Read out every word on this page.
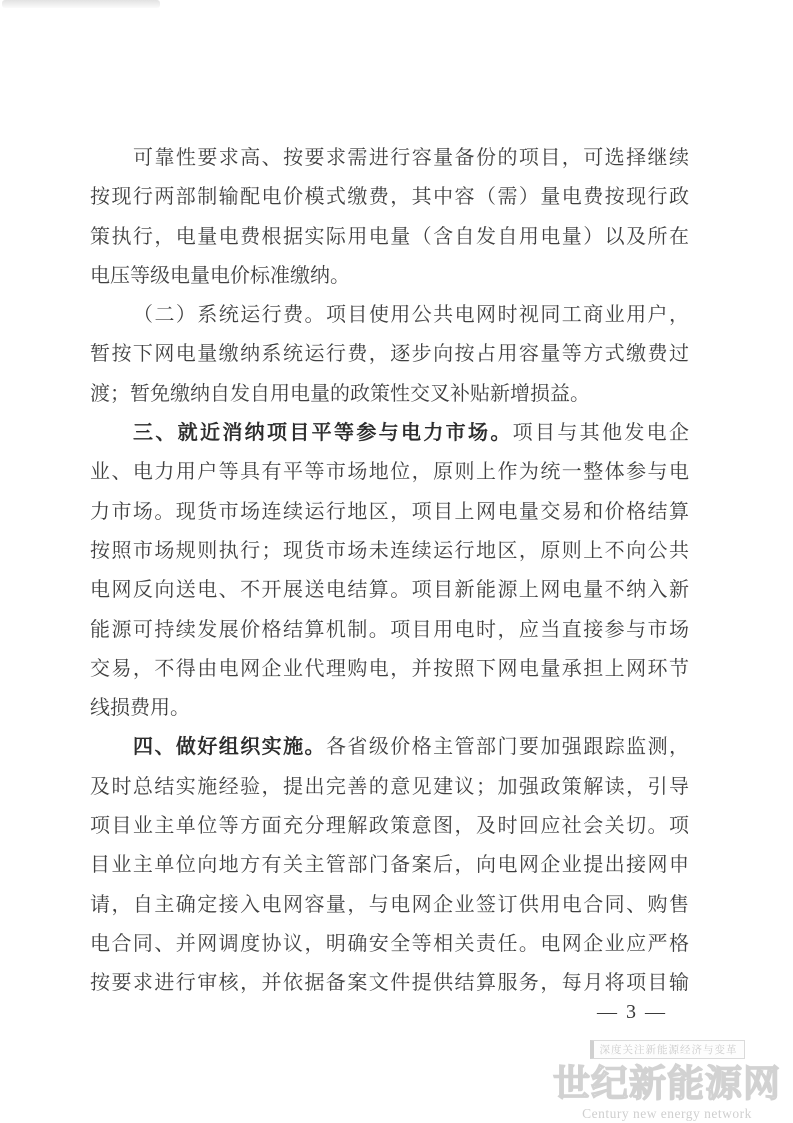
可靠性要求高、按要求需进行容量备份的项目，可选择继续
按现行两部制输配电价模式缴费，其中容（需）量电费按现行政
策执行，电量电费根据实际用电量（含自发自用电量）以及所在
电压等级电量电价标准缴纳。
（二）系统运行费。项目使用公共电网时视同工商业用户，
暂按下网电量缴纳系统运行费，逐步向按占用容量等方式缴费过
渡；暂免缴纳自发自用电量的政策性交叉补贴新增损益。
三、就近消纳项目平等参与电力市场。项目与其他发电企
业、电力用户等具有平等市场地位，原则上作为统一整体参与电
力市场。现货市场连续运行地区，项目上网电量交易和价格结算
按照市场规则执行；现货市场未连续运行地区，原则上不向公共
电网反向送电、不开展送电结算。项目新能源上网电量不纳入新
能源可持续发展价格结算机制。项目用电时，应当直接参与市场
交易，不得由电网企业代理购电，并按照下网电量承担上网环节
线损费用。
四、做好组织实施。各省级价格主管部门要加强跟踪监测，
及时总结实施经验，提出完善的意见建议；加强政策解读，引导
项目业主单位等方面充分理解政策意图，及时回应社会关切。项
目业主单位向地方有关主管部门备案后，向电网企业提出接网申
请，自主确定接入电网容量，与电网企业签订供用电合同、购售
电合同、并网调度协议，明确安全等相关责任。电网企业应严格
按要求进行审核，并依据备案文件提供结算服务，每月将项目输
— 3 —
深度关注新能源经济与变革
世纪新能源网
Century new energy network
